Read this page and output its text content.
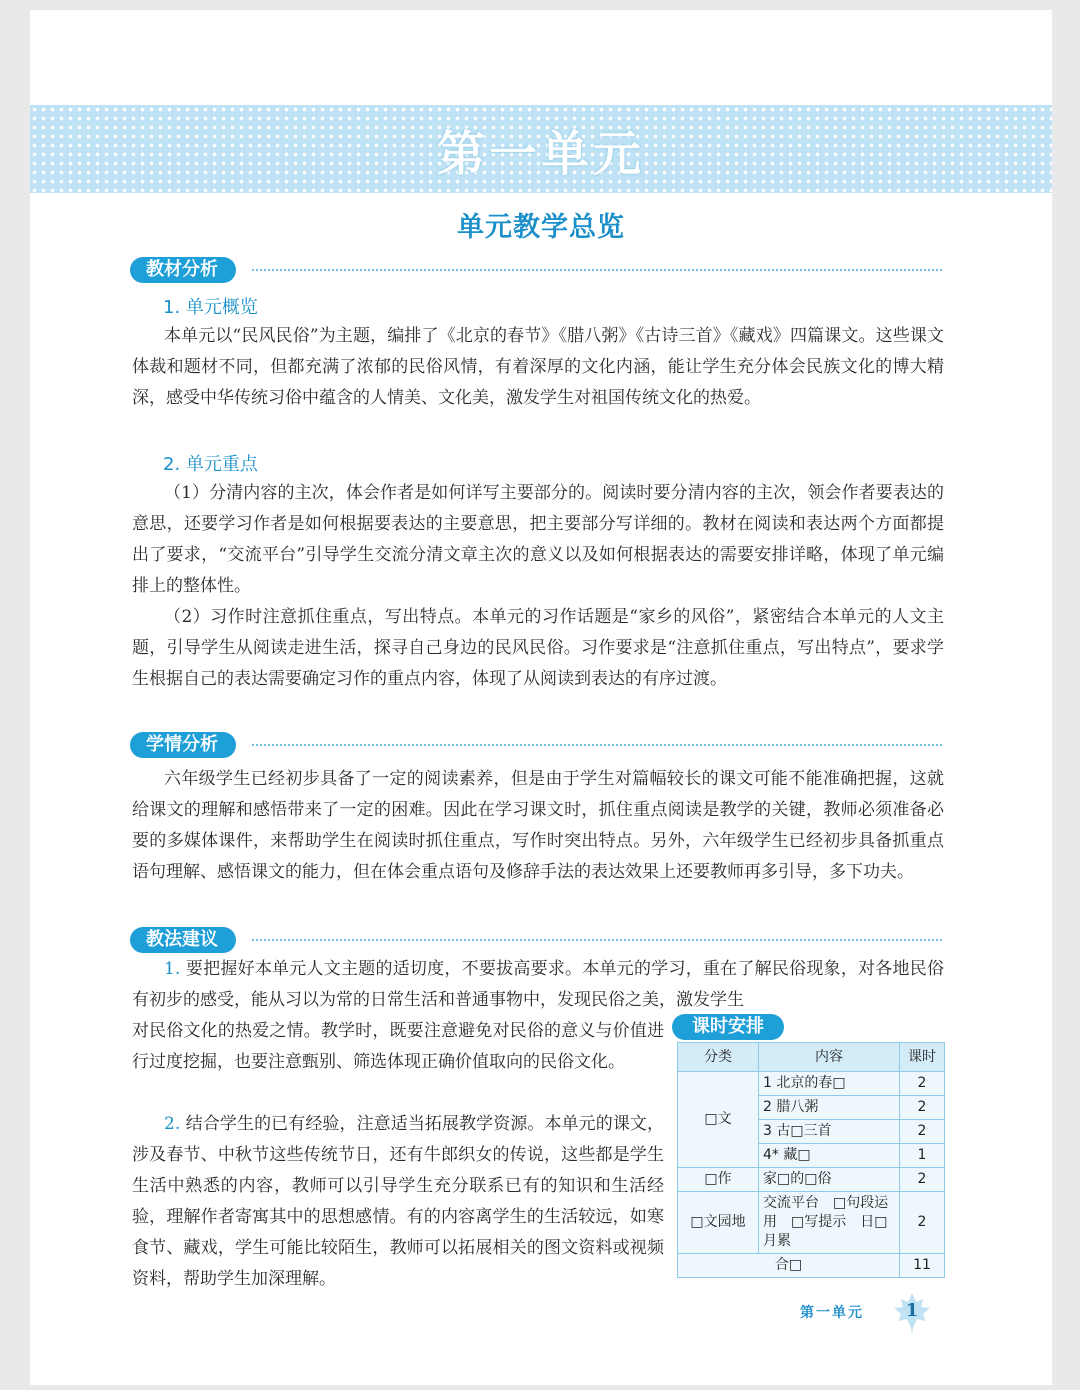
第一单元
单元教学总览
教材分析
1. 单元概览

本单元以“民风民俗”为主题，编排了《北京的春节》《腊八粥》《古诗三首》《藏戏》四篇课文。这些课文体裁和题材不同，但都充满了浓郁的民俗风情，有着深厚的文化内涵，能让学生充分体会民族文化的博大精深，感受中华传统习俗中蕴含的人情美、文化美，激发学生对祖国传统文化的热爱。

2. 单元重点

（1）分清内容的主次，体会作者是如何详写主要部分的。阅读时要分清内容的主次，领会作者要表达的意思，还要学习作者是如何根据要表达的主要意思，把主要部分写详细的。教材在阅读和表达两个方面都提出了要求，“交流平台”引导学生交流分清文章主次的意义以及如何根据表达的需要安排详略，体现了单元编排上的整体性。

（2）习作时注意抓住重点，写出特点。本单元的习作话题是“家乡的风俗”，紧密结合本单元的人文主题，引导学生从阅读走进生活，探寻自己身边的民风民俗。习作要求是“注意抓住重点，写出特点”，要求学生根据自己的表达需要确定习作的重点内容，体现了从阅读到表达的有序过渡。

学情分析

六年级学生已经初步具备了一定的阅读素养，但是由于学生对篇幅较长的课文可能不能准确把握，这就给课文的理解和感悟带来了一定的困难。因此在学习课文时，抓住重点阅读是教学的关键，教师必须准备必要的多媒体课件，来帮助学生在阅读时抓住重点，写作时突出特点。另外，六年级学生已经初步具备抓重点语句理解、感悟课文的能力，但在体会重点语句及修辞手法的表达效果上还要教师再多引导，多下功夫。

教法建议

1. 要把握好本单元人文主题的适切度，不要拔高要求。本单元的学习，重在了解民俗现象，对各地民俗有初步的感受，能从习以为常的日常生活和普通事物中，发现民俗之美，激发学生

对民俗文化的热爱之情。教学时，既要注意避免对民俗的意义与价值进行过度挖掘，也要注意甄别、筛选体现正确价值取向的民俗文化。

2. 结合学生的已有经验，注意适当拓展教学资源。本单元的课文，涉及春节、中秋节这些传统节日，还有牛郎织女的传说，这些都是学生生活中熟悉的内容，教师可以引导学生充分联系已有的知识和生活经验，理解作者寄寓其中的思想感情。有的内容离学生的生活较远，如寒食节、藏戏，学生可能比较陌生，教师可以拓展相关的图文资料或视频资料，帮助学生加深理解。

课时安排
分类	内容	课时
□文	1 北京的春□	2
	2 腊八粥	2
	3 古□三首	2
	4* 藏□	1
□作	家□的□俗	2
□文园地	交流平台　□句段运用　□写提示　日□月累	2
合□		11
第一单元	1
